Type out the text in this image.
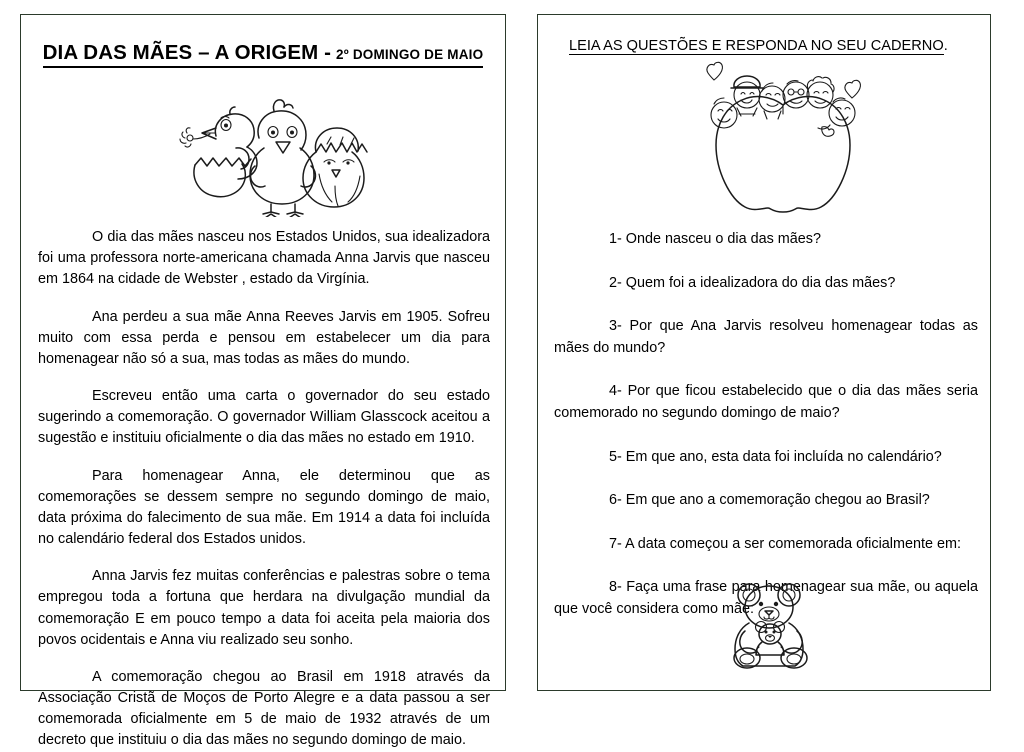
DIA DAS MÃES – A ORIGEM - 2º DOMINGO DE MAIO

O dia das mães nasceu nos Estados Unidos, sua idealizadora foi uma professora norte-americana chamada Anna Jarvis que nasceu em 1864 na cidade de Webster , estado da Virgínia.

Ana perdeu a sua mãe Anna Reeves Jarvis em 1905. Sofreu muito com essa perda e pensou em estabelecer um dia para homenagear não só a sua, mas todas as mães do mundo.

Escreveu então uma carta o governador do seu estado sugerindo a comemoração. O governador William Glasscock aceitou a sugestão e instituiu oficialmente o dia das mães no estado em 1910.

Para homenagear Anna, ele determinou que as comemorações se dessem sempre no segundo domingo de maio, data próxima do falecimento de sua mãe. Em 1914 a data foi incluída no calendário federal dos Estados unidos.

Anna Jarvis fez muitas conferências e palestras sobre o tema empregou toda a fortuna que herdara na divulgação mundial da comemoração E em pouco tempo a data foi aceita pela maioria dos povos ocidentais e Anna viu realizado seu sonho.

A comemoração chegou ao Brasil em 1918 através da Associação Cristã de Moços de Porto Alegre e a data passou a ser comemorada oficialmente em 5 de maio de 1932 através de um decreto que instituiu o dia das mães no segundo domingo de maio.

LEIA AS QUESTÕES E RESPONDA NO SEU CADERNO.

1- Onde nasceu o dia das mães?

2- Quem foi a idealizadora do dia das mães?

3- Por que Ana Jarvis resolveu homenagear todas as mães do mundo?

4- Por que ficou estabelecido que o dia das mães seria comemorado no segundo domingo de maio?

5- Em que ano, esta data foi incluída no calendário?

6- Em que ano a comemoração chegou ao Brasil?

7- A data começou a ser comemorada oficialmente em:

8- Faça uma frase para homenagear sua mãe, ou aquela que você considera como mãe:
